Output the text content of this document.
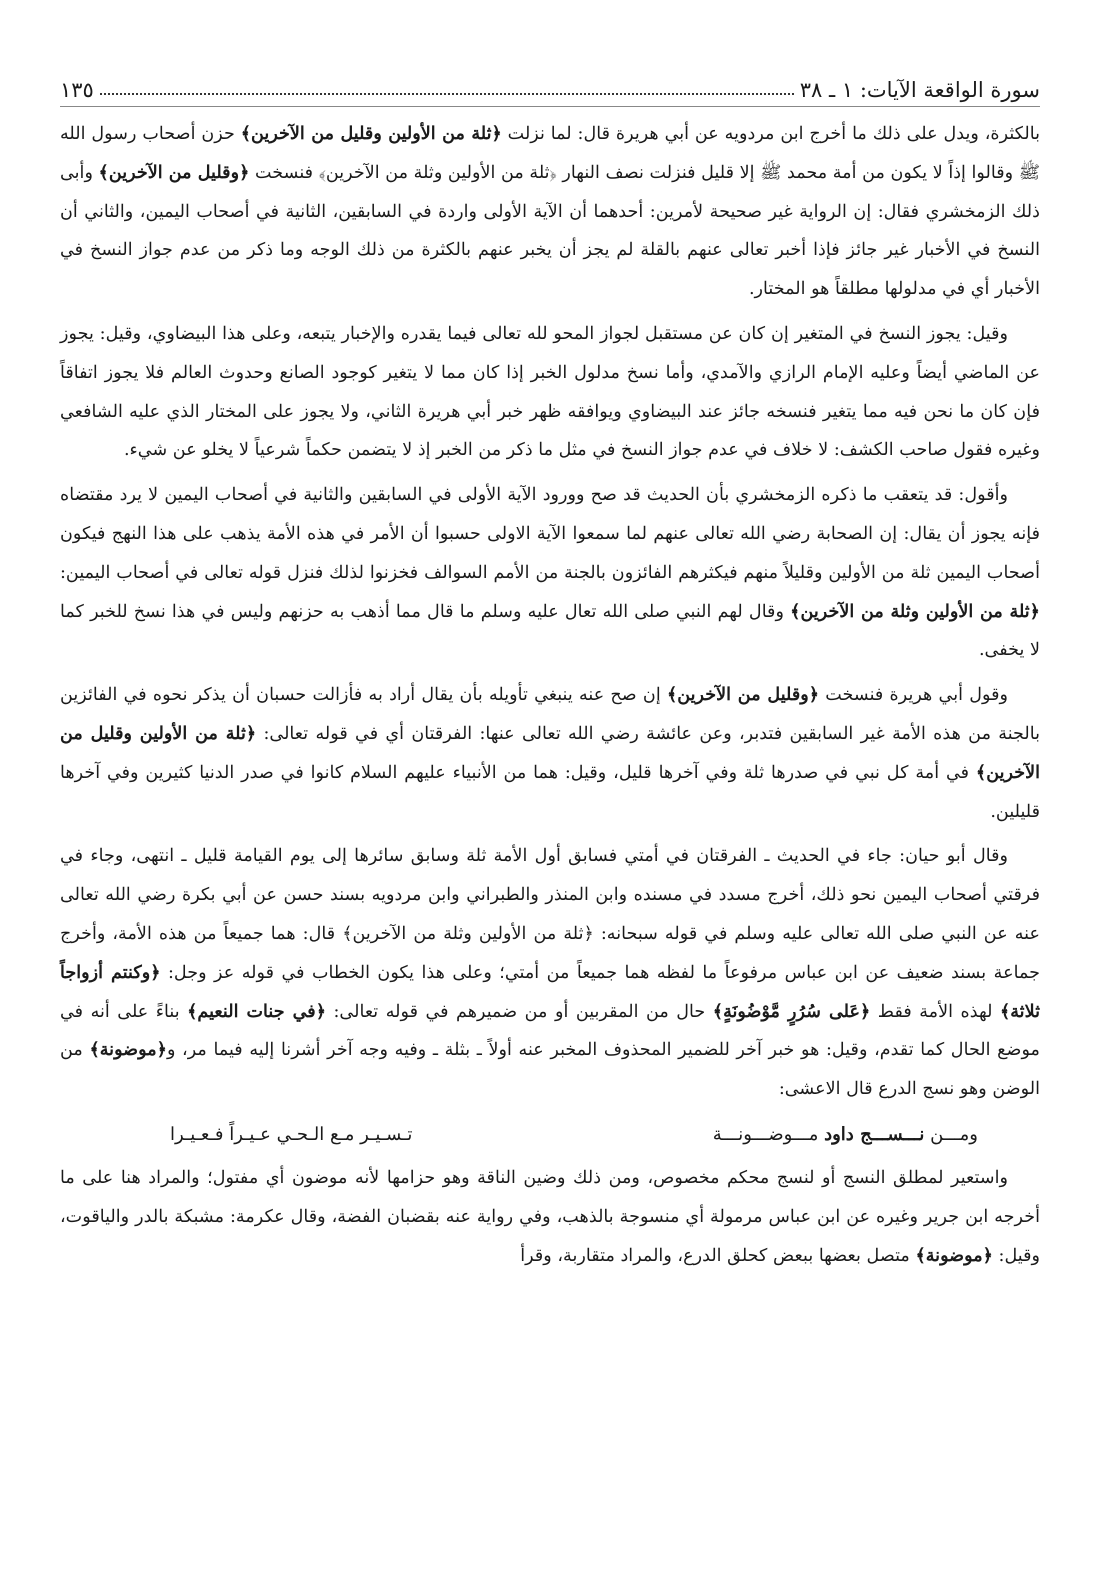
سورة الواقعة الآيات: ١ ـ ٣٨
١٣٥

بالكثرة، ويدل على ذلك ما أخرج ابن مردويه عن أبي هريرة قال: لما نزلت ﴿ثلة من الأولين وقليل من الآخرين﴾ حزن أصحاب رسول الله ﷺ وقالوا إذاً لا يكون من أمة محمد ﷺ إلا قليل فنزلت نصف النهار ﴿ثلة من الأولين وثلة من الآخرين﴾ فنسخت ﴿وقليل من الآخرين﴾ وأبى ذلك الزمخشري فقال: إن الرواية غير صحيحة لأمرين: أحدهما أن الآية الأولى واردة في السابقين، الثانية في أصحاب اليمين، والثاني أن النسخ في الأخبار غير جائز فإذا أخبر تعالى عنهم بالقلة لم يجز أن يخبر عنهم بالكثرة من ذلك الوجه وما ذكر من عدم جواز النسخ في الأخبار أي في مدلولها مطلقاً هو المختار.

وقيل: يجوز النسخ في المتغير إن كان عن مستقبل لجواز المحو لله تعالى فيما يقدره والإخبار يتبعه، وعلى هذا البيضاوي، وقيل: يجوز عن الماضي أيضاً وعليه الإمام الرازي والآمدي، وأما نسخ مدلول الخبر إذا كان مما لا يتغير كوجود الصانع وحدوث العالم فلا يجوز اتفاقاً فإن كان ما نحن فيه مما يتغير فنسخه جائز عند البيضاوي ويوافقه ظهر خبر أبي هريرة الثاني، ولا يجوز على المختار الذي عليه الشافعي وغيره فقول صاحب الكشف: لا خلاف في عدم جواز النسخ في مثل ما ذكر من الخبر إذ لا يتضمن حكماً شرعياً لا يخلو عن شيء.

وأقول: قد يتعقب ما ذكره الزمخشري بأن الحديث قد صح وورود الآية الأولى في السابقين والثانية في أصحاب اليمين لا يرد مقتضاه فإنه يجوز أن يقال: إن الصحابة رضي الله تعالى عنهم لما سمعوا الآية الاولى حسبوا أن الأمر في هذه الأمة يذهب على هذا النهج فيكون أصحاب اليمين ثلة من الأولين وقليلاً منهم فيكثرهم الفائزون بالجنة من الأمم السوالف فخزنوا لذلك فنزل قوله تعالى في أصحاب اليمين: ﴿ثلة من الأولين وثلة من الآخرين﴾ وقال لهم النبي صلى الله تعال عليه وسلم ما قال مما أذهب به حزنهم وليس في هذا نسخ للخبر كما لا يخفى.

وقول أبي هريرة فنسخت ﴿وقليل من الآخرين﴾ إن صح عنه ينبغي تأويله بأن يقال أراد به فأزالت حسبان أن يذكر نحوه في الفائزين بالجنة من هذه الأمة غير السابقين فتدبر، وعن عائشة رضي الله تعالى عنها: الفرقتان أي في قوله تعالى: ﴿ثلة من الأولين وقليل من الآخرين﴾ في أمة كل نبي في صدرها ثلة وفي آخرها قليل، وقيل: هما من الأنبياء عليهم السلام كانوا في صدر الدنيا كثيرين وفي آخرها قليلين.

وقال أبو حيان: جاء في الحديث ـ الفرقتان في أمتي فسابق أول الأمة ثلة وسابق سائرها إلى يوم القيامة قليل ـ انتهى، وجاء في فرقتي أصحاب اليمين نحو ذلك، أخرج مسدد في مسنده وابن المنذر والطبراني وابن مردويه بسند حسن عن أبي بكرة رضي الله تعالى عنه عن النبي صلى الله تعالى عليه وسلم في قوله سبحانه: ﴿ثلة من الأولين وثلة من الآخرين﴾ قال: هما جميعاً من هذه الأمة، وأخرج جماعة بسند ضعيف عن ابن عباس مرفوعاً ما لفظه هما جميعاً من أمتي؛ وعلى هذا يكون الخطاب في قوله عز وجل: ﴿وكنتم أزواجاً ثلاثة﴾ لهذه الأمة فقط ﴿عَلى سُرُرٍ مَّوْضُونَةٍ﴾ حال من المقربين أو من ضميرهم في قوله تعالى: ﴿في جنات النعيم﴾ بناءً على أنه في موضع الحال كما تقدم، وقيل: هو خبر آخر للضمير المحذوف المخبر عنه أولاً ـ بثلة ـ وفيه وجه آخر أشرنا إليه فيما مر، و﴿موضونة﴾ من الوضن وهو نسج الدرع قال الاعشى:

ومـــن نـــســـج داود مـــوضـــونـــة
تـسـيـر مـع الـحـي عـيـراً فـعـيـرا

واستعير لمطلق النسج أو لنسج محكم مخصوص، ومن ذلك وضين الناقة وهو حزامها لأنه موضون أي مفتول؛ والمراد هنا على ما أخرجه ابن جرير وغيره عن ابن عباس مرمولة أي منسوجة بالذهب، وفي رواية عنه بقضبان الفضة، وقال عكرمة: مشبكة بالدر والياقوت، وقيل: ﴿موضونة﴾ متصل بعضها ببعض كحلق الدرع، والمراد متقاربة، وقرأ
